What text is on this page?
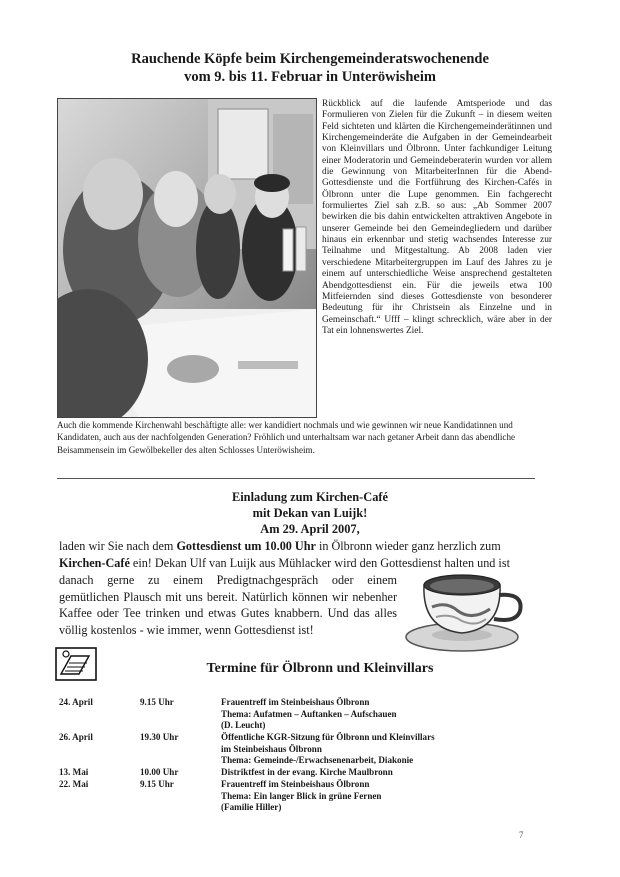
Rauchende Köpfe beim Kirchengemeinderatswochenende
vom 9. bis 11. Februar in Unteröwisheim

Rückblick auf die laufende Amtsperiode und das Formulieren von Zielen für die Zukunft – in diesem weiten Feld sichteten und klärten die Kirchengemeinderätinnen und Kirchengemeinderäte die Aufgaben in der Gemeindearbeit von Kleinvillars und Ölbronn. Unter fachkundiger Leitung einer Moderatorin und Gemeindeberaterin wurden vor allem die Gewinnung von MitarbeiterInnen für die Abend-Gottesdienste und die Fortführung des Kirchen-Cafés in Ölbronn unter die Lupe genommen. Ein fachgerecht formuliertes Ziel sah z.B. so aus: „Ab Sommer 2007 bewirken die bis dahin entwickelten attraktiven Angebote in unserer Gemeinde bei den Gemeindegliedern und darüber hinaus ein erkennbar und stetig wachsendes Interesse zur Teilnahme und Mitgestaltung. Ab 2008 laden vier verschiedene Mitarbeitergruppen im Lauf des Jahres zu je einem auf unterschiedliche Weise ansprechend gestalteten Abendgottesdienst ein. Für die jeweils etwa 100 Mitfeiernden sind dieses Gottesdienste von besonderer Bedeutung für ihr Christsein als Einzelne und in Gemeinschaft.“ Ufff – klingt schrecklich, wäre aber in der Tat ein lohnenswertes Ziel.

Auch die kommende Kirchenwahl beschäftigte alle: wer kandidiert nochmals und wie gewinnen wir neue Kandidatinnen und Kandidaten, auch aus der nachfolgenden Generation? Fröhlich und unterhaltsam war nach getaner Arbeit dann das abendliche Beisammensein im Gewölbekeller des alten Schlosses Unteröwisheim.

Einladung zum Kirchen-Café
mit Dekan van Luijk!
Am 29. April 2007,
laden wir Sie nach dem Gottesdienst um 10.00 Uhr in Ölbronn wieder ganz herzlich zum
Kirchen-Café ein! Dekan Ulf van Luijk aus Mühlacker wird den Gottesdienst halten und ist
danach gerne zu einem Predigtnachgespräch oder einem
gemütlichen Plausch mit uns bereit. Natürlich können wir nebenher
Kaffee oder Tee trinken und etwas Gutes knabbern. Und das alles
völlig kostenlos - wie immer, wenn Gottesdienst ist!
Termine für Ölbronn und Kleinvillars
24. April	9.15 Uhr	Frauentreff im Steinbeishaus Ölbronn
Thema: Aufatmen – Auftanken – Aufschauen
(D. Leucht)
26. April	19.30 Uhr	Öffentliche KGR-Sitzung für Ölbronn und Kleinvillars
im Steinbeishaus Ölbronn
Thema: Gemeinde-/Erwachsenenarbeit, Diakonie
13. Mai	10.00 Uhr	Distriktfest in der evang. Kirche Maulbronn
22. Mai	9.15 Uhr	Frauentreff im Steinbeishaus Ölbronn
Thema: Ein langer Blick in grüne Fernen
(Familie Hiller)
7
